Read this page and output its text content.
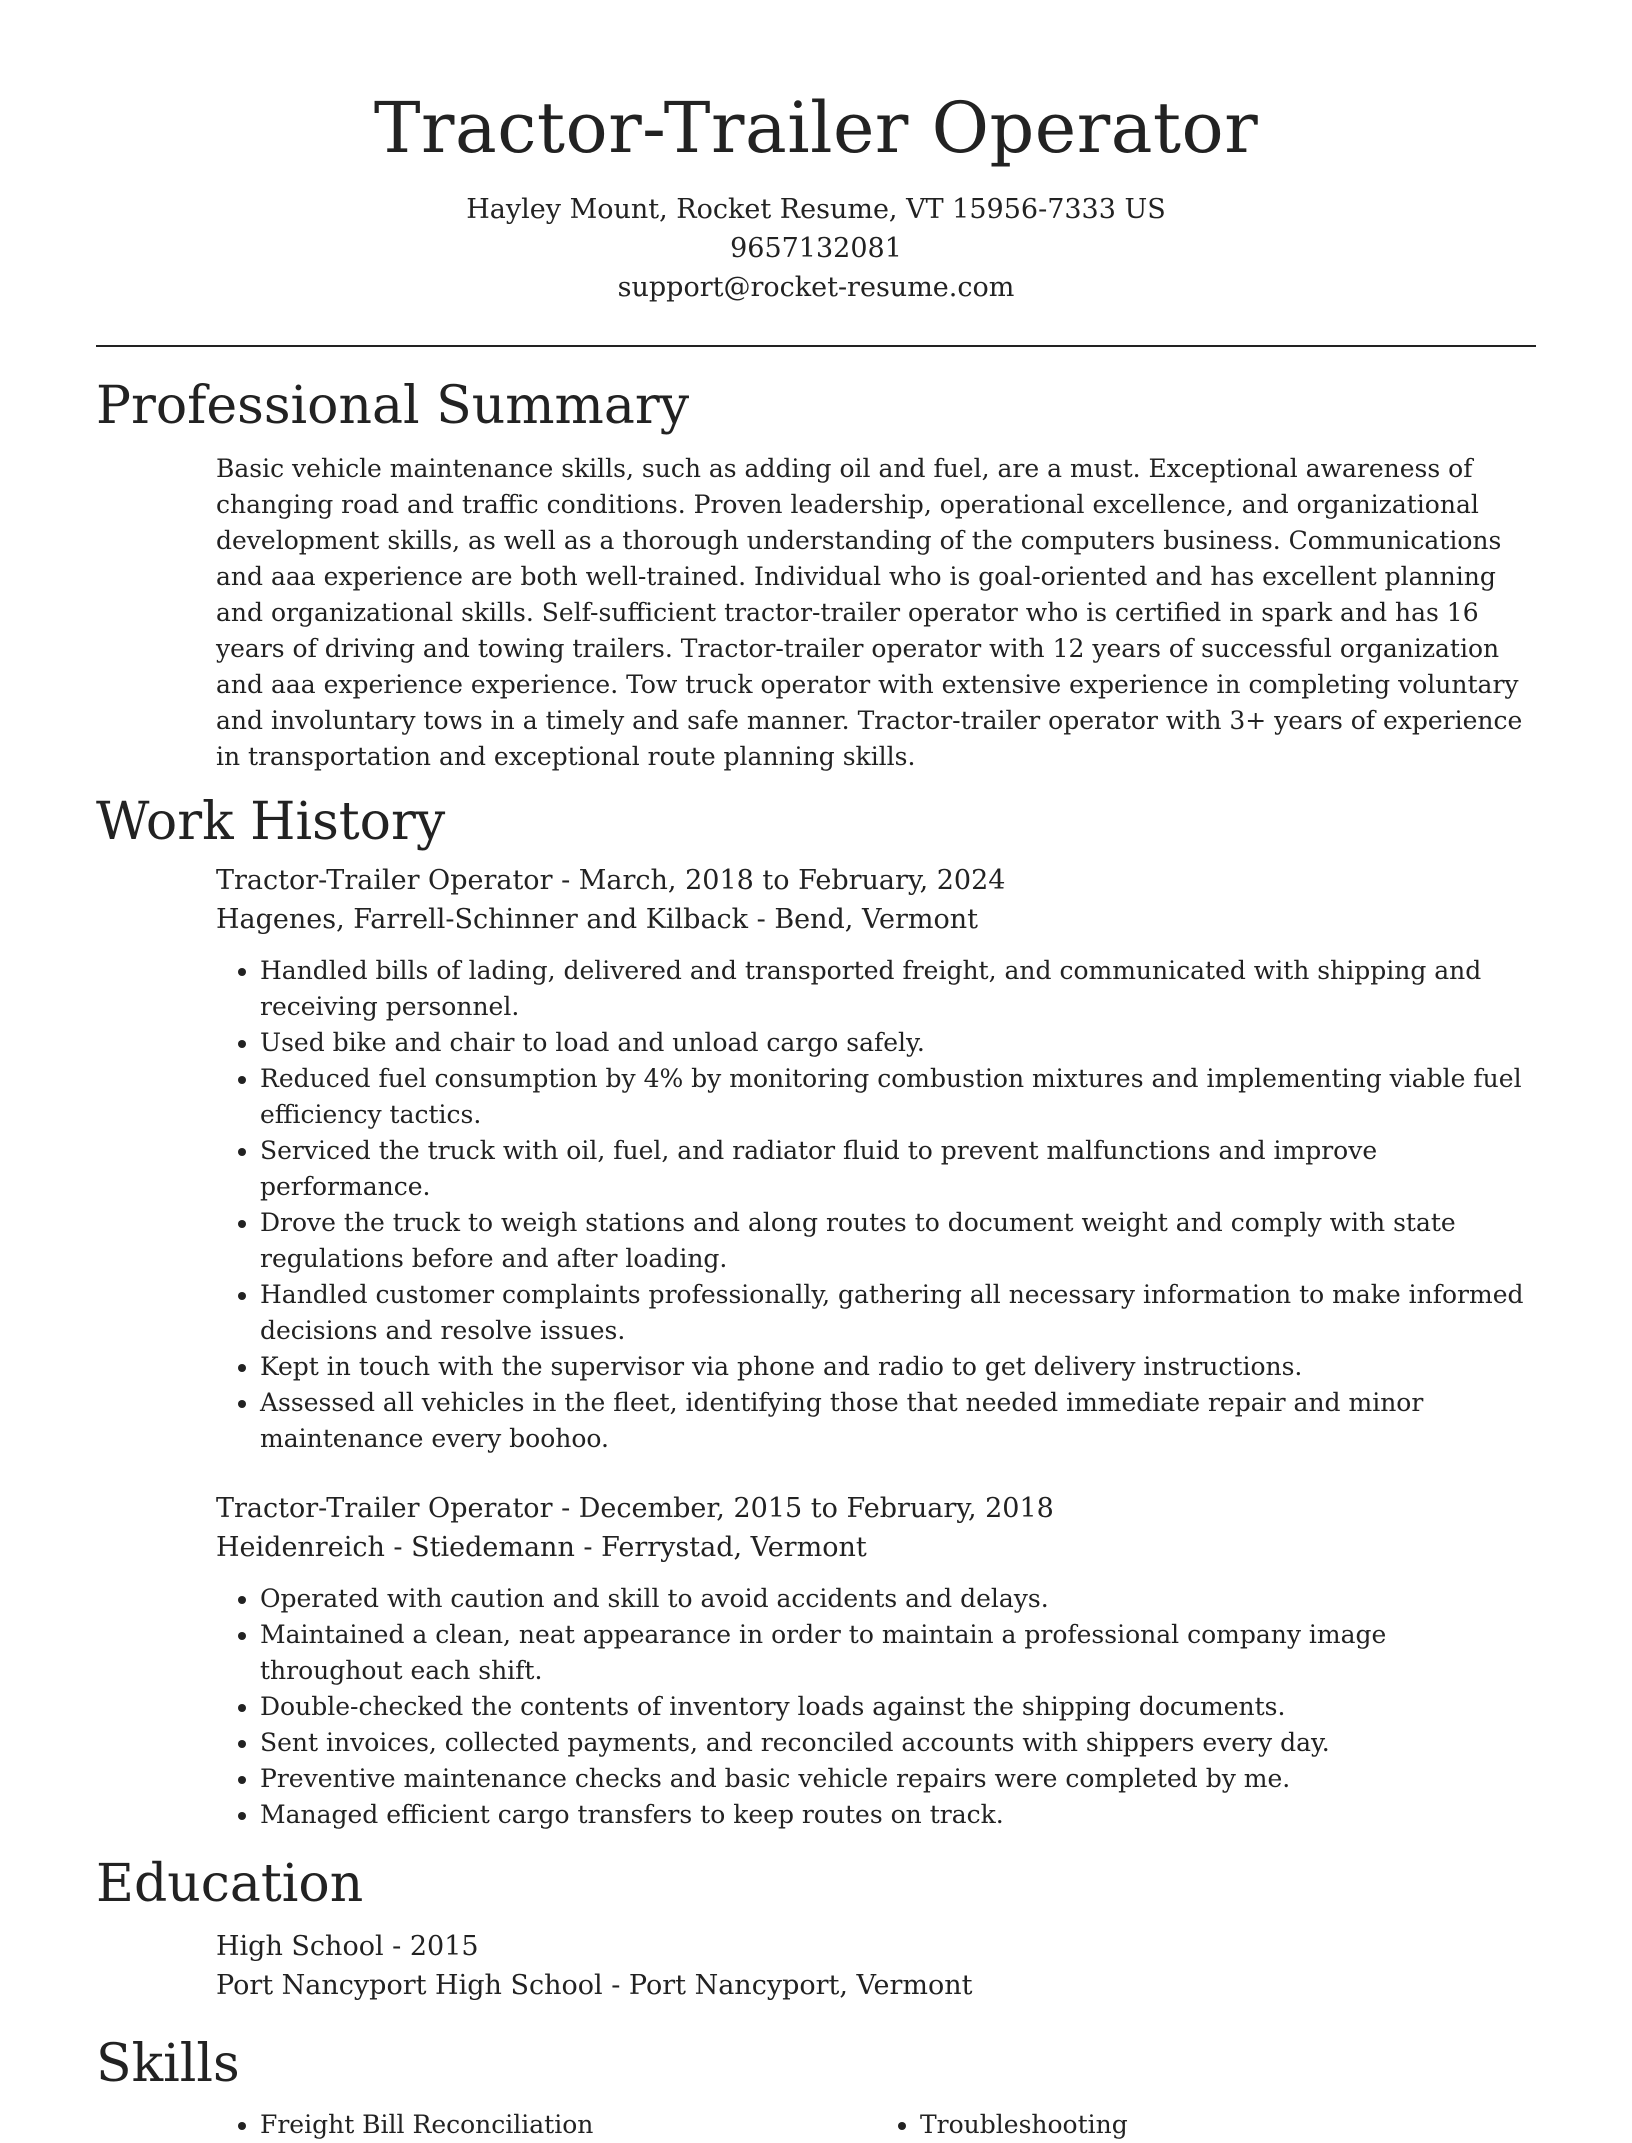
Tractor-Trailer Operator
Hayley Mount, Rocket Resume, VT 15956-7333 US
9657132081
support@rocket-resume.com
Professional Summary

Basic vehicle maintenance skills, such as adding oil and fuel, are a must. Exceptional awareness of changing road and traffic conditions. Proven leadership, operational excellence, and organizational development skills, as well as a thorough understanding of the computers business. Communications and aaa experience are both well-trained. Individual who is goal-oriented and has excellent planning and organizational skills. Self-sufficient tractor-trailer operator who is certified in spark and has 16 years of driving and towing trailers. Tractor-trailer operator with 12 years of successful organization and aaa experience experience. Tow truck operator with extensive experience in completing voluntary and involuntary tows in a timely and safe manner. Tractor-trailer operator with 3+ years of experience in transportation and exceptional route planning skills.

Work History
Tractor-Trailer Operator - March, 2018 to February, 2024
Hagenes, Farrell-Schinner and Kilback - Bend, Vermont
• Handled bills of lading, delivered and transported freight, and communicated with shipping and receiving personnel.
• Used bike and chair to load and unload cargo safely.
• Reduced fuel consumption by 4% by monitoring combustion mixtures and implementing viable fuel efficiency tactics.
• Serviced the truck with oil, fuel, and radiator fluid to prevent malfunctions and improve performance.
• Drove the truck to weigh stations and along routes to document weight and comply with state regulations before and after loading.
• Handled customer complaints professionally, gathering all necessary information to make informed decisions and resolve issues.
• Kept in touch with the supervisor via phone and radio to get delivery instructions.
• Assessed all vehicles in the fleet, identifying those that needed immediate repair and minor maintenance every boohoo.
Tractor-Trailer Operator - December, 2015 to February, 2018
Heidenreich - Stiedemann - Ferrystad, Vermont
• Operated with caution and skill to avoid accidents and delays.
• Maintained a clean, neat appearance in order to maintain a professional company image throughout each shift.
• Double-checked the contents of inventory loads against the shipping documents.
• Sent invoices, collected payments, and reconciled accounts with shippers every day.
• Preventive maintenance checks and basic vehicle repairs were completed by me.
• Managed efficient cargo transfers to keep routes on track.
Education
High School - 2015
Port Nancyport High School - Port Nancyport, Vermont
Skills
• Freight Bill Reconciliation
•	Troubleshooting
